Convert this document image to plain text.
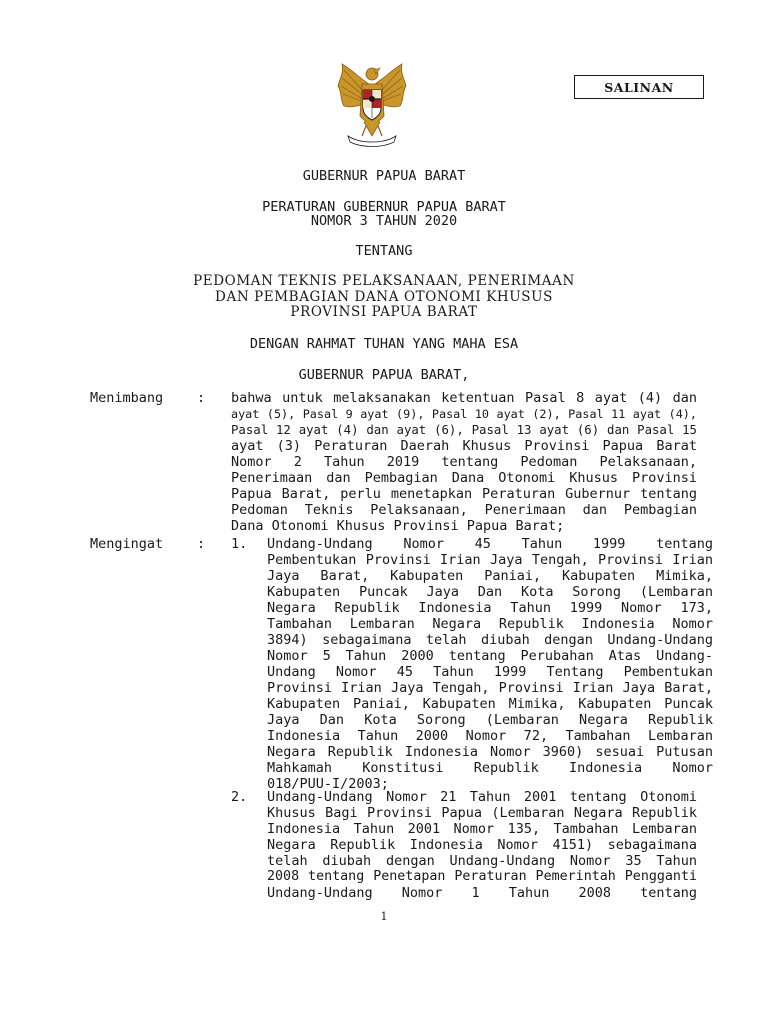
SALINAN
GUBERNUR PAPUA BARAT
PERATURAN GUBERNUR PAPUA BARAT
NOMOR 3 TAHUN 2020
TENTANG
PEDOMAN TEKNIS PELAKSANAAN, PENERIMAAN
DAN PEMBAGIAN DANA OTONOMI KHUSUS
PROVINSI PAPUA BARAT
DENGAN RAHMAT TUHAN YANG MAHA ESA
GUBERNUR PAPUA BARAT,
Menimbang	: bahwa untuk melaksanakan ketentuan Pasal 8 ayat (4) dan
ayat (5), Pasal 9 ayat (9), Pasal 10 ayat (2), Pasal 11 ayat (4),
Pasal 12 ayat (4) dan ayat (6), Pasal 13 ayat (6) dan Pasal 15
ayat (3) Peraturan Daerah Khusus Provinsi Papua Barat
Nomor 2 Tahun 2019 tentang Pedoman Pelaksanaan,
Penerimaan dan Pembagian Dana Otonomi Khusus Provinsi
Papua Barat, perlu menetapkan Peraturan Gubernur tentang
Pedoman Teknis Pelaksanaan, Penerimaan dan Pembagian
Dana Otonomi Khusus Provinsi Papua Barat;
Mengingat	: 1. Undang-Undang Nomor 45 Tahun 1999 tentang
Pembentukan Provinsi Irian Jaya Tengah, Provinsi Irian
Jaya Barat, Kabupaten Paniai, Kabupaten Mimika,
Kabupaten Puncak Jaya Dan Kota Sorong (Lembaran
Negara Republik Indonesia Tahun 1999 Nomor 173,
Tambahan Lembaran Negara Republik Indonesia Nomor
3894) sebagaimana telah diubah dengan Undang-Undang
Nomor 5 Tahun 2000 tentang Perubahan Atas Undang-
Undang Nomor 45 Tahun 1999 Tentang Pembentukan
Provinsi Irian Jaya Tengah, Provinsi Irian Jaya Barat,
Kabupaten Paniai, Kabupaten Mimika, Kabupaten Puncak
Jaya Dan Kota Sorong (Lembaran Negara Republik
Indonesia Tahun 2000 Nomor 72, Tambahan Lembaran
Negara Republik Indonesia Nomor 3960) sesuai Putusan
Mahkamah Konstitusi Republik Indonesia Nomor
018/PUU-I/2003;
2. Undang-Undang Nomor 21 Tahun 2001 tentang Otonomi
Khusus Bagi Provinsi Papua (Lembaran Negara Republik
Indonesia Tahun 2001 Nomor 135, Tambahan Lembaran
Negara Republik Indonesia Nomor 4151) sebagaimana
telah diubah dengan Undang-Undang Nomor 35 Tahun
2008 tentang Penetapan Peraturan Pemerintah Pengganti
Undang-Undang Nomor 1 Tahun 2008 tentang
1
